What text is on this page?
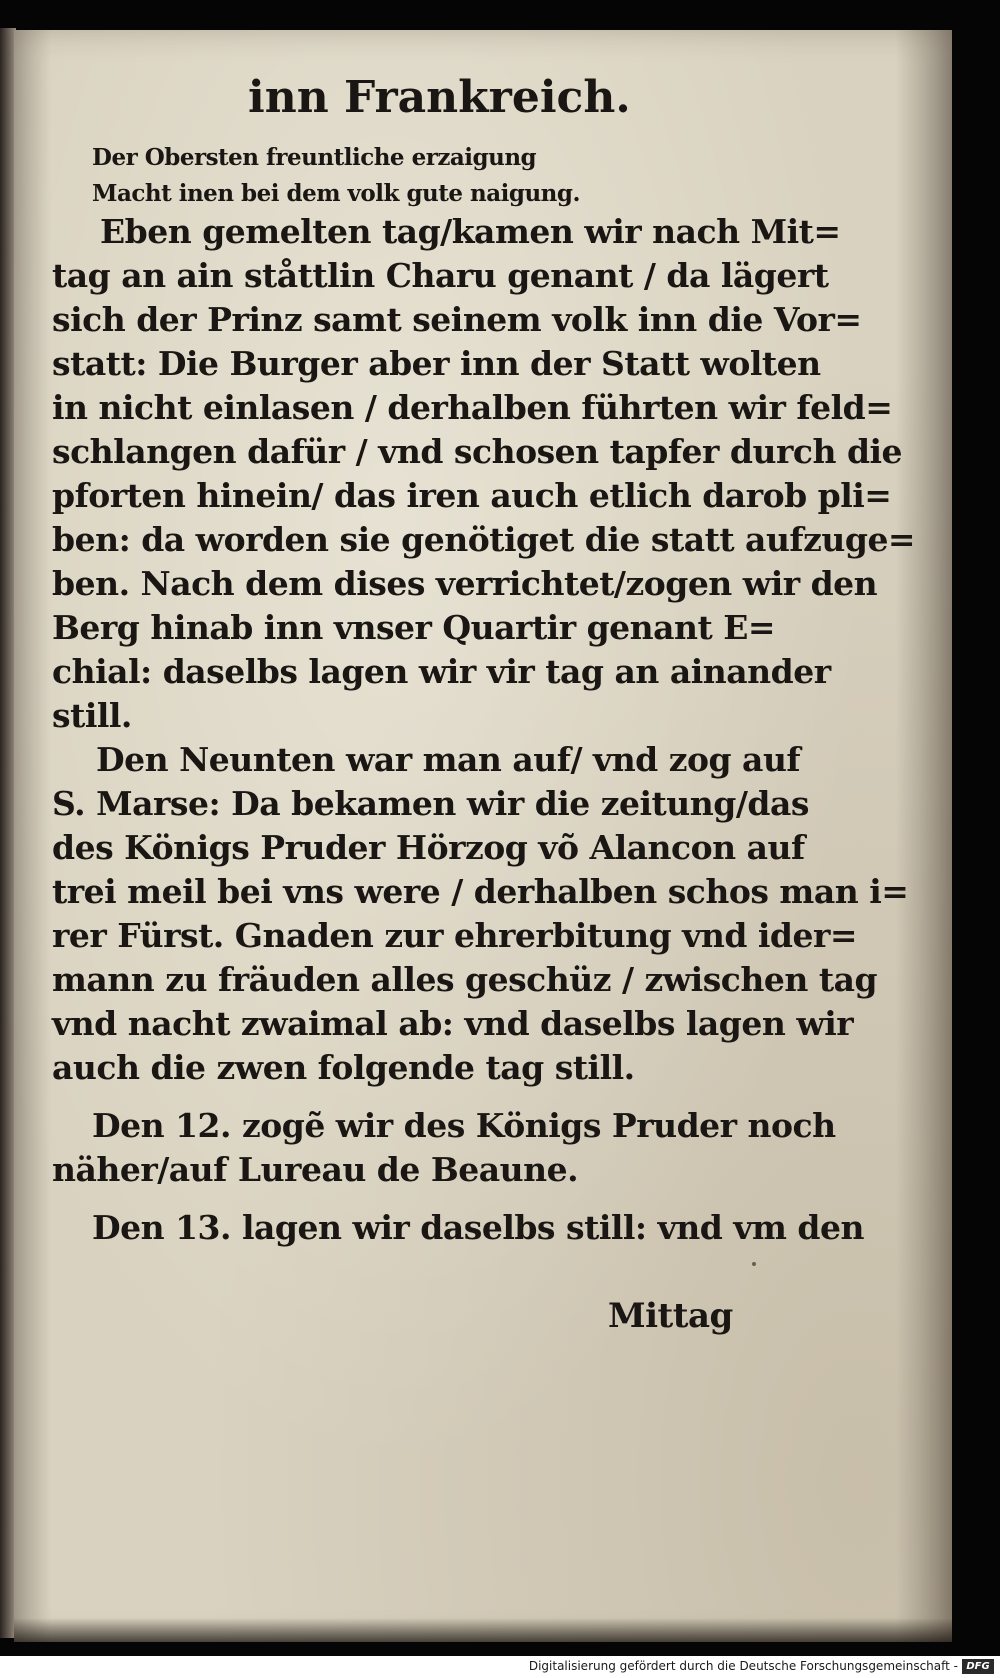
inn Frankreich.
Der Obersten freuntliche erzaigung
Macht inen bei dem volk gute naigung.
Eben gemelten tag/kamen wir nach Mit=
tag an ain ståttlin Charu genant / da lägert
sich der Prinz samt seinem volk inn die Vor=
statt: Die Burger aber inn der Statt wolten
in nicht einlasen / derhalben führten wir feld=
schlangen dafür / vnd schosen tapfer durch die
pforten hinein/ das iren auch etlich darob pli=
ben: da worden sie genötiget die statt aufzuge=
ben. Nach dem dises verrichtet/zogen wir den
Berg hinab inn vnser Quartir genant E=
chial: daselbs lagen wir vir tag an ainander
still.
Den Neunten war man auf/ vnd zog auf
S. Marse: Da bekamen wir die zeitung/das
des Königs Pruder Hörzog võ Alancon auf
trei meil bei vns were / derhalben schos man i=
rer Fürst. Gnaden zur ehrerbitung vnd ider=
mann zu fräuden alles geschüz / zwischen tag
vnd nacht zwaimal ab: vnd daselbs lagen wir
auch die zwen folgende tag still.
Den 12. zogẽ wir des Königs Pruder noch
näher/auf Lureau de Beaune.
Den 13. lagen wir daselbs still: vnd vm den
Mittag
Digitalisierung gefördert durch die Deutsche Forschungsgemeinschaft - DFG
